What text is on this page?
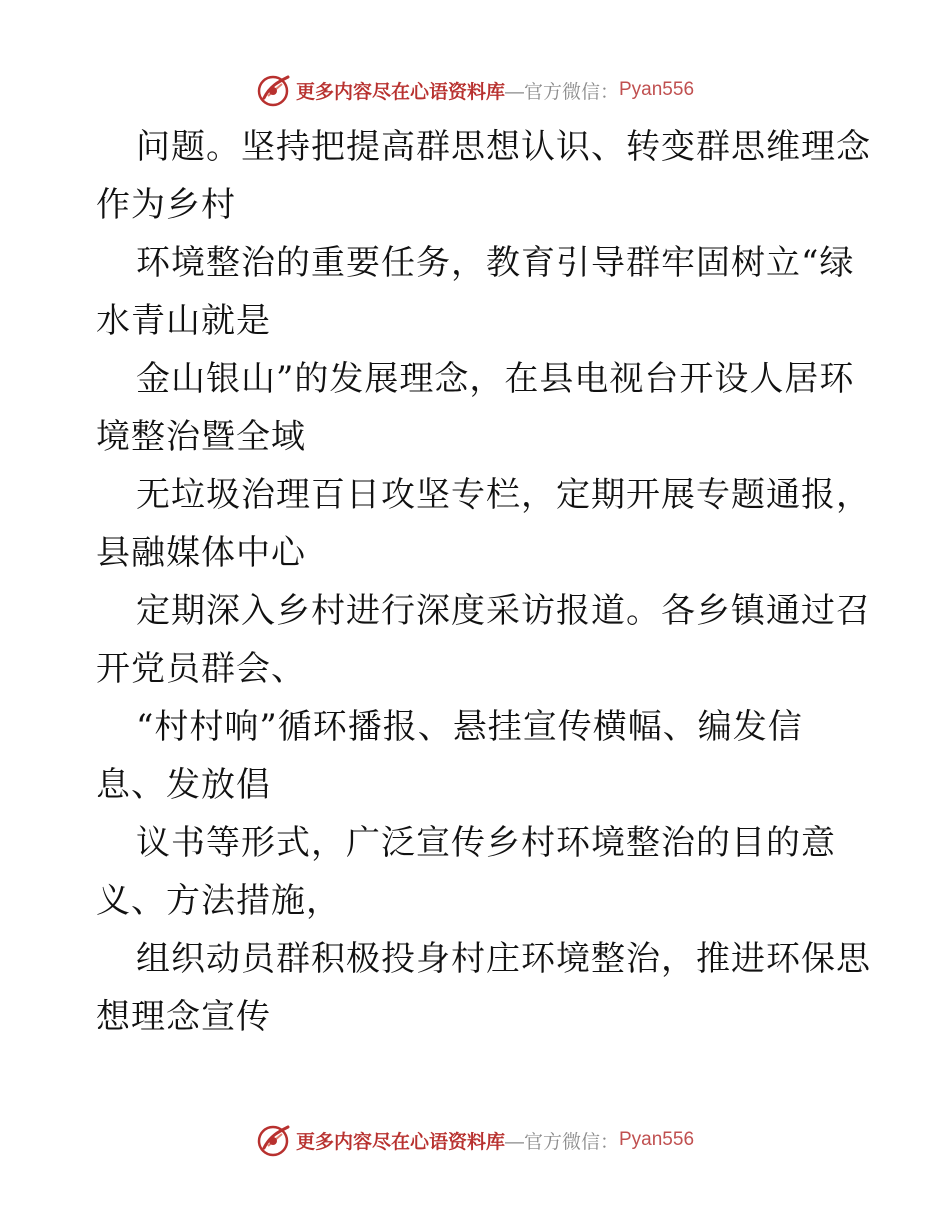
更多内容尽在心语资料库 —官方微信： Pyan556
问题。坚持把提高群思想认识、转变群思维理念
作为乡村
环境整治的重要任务，教育引导群牢固树立“绿
水青山就是
金山银山”的发展理念，在县电视台开设人居环
境整治暨全域
无垃圾治理百日攻坚专栏，定期开展专题通报，
县融媒体中心
定期深入乡村进行深度采访报道。各乡镇通过召
开党员群会、
“村村响”循环播报、悬挂宣传横幅、编发信
息、发放倡
议书等形式，广泛宣传乡村环境整治的目的意
义、方法措施，
组织动员群积极投身村庄环境整治，推进环保思
想理念宣传
更多内容尽在心语资料库 —官方微信： Pyan556
